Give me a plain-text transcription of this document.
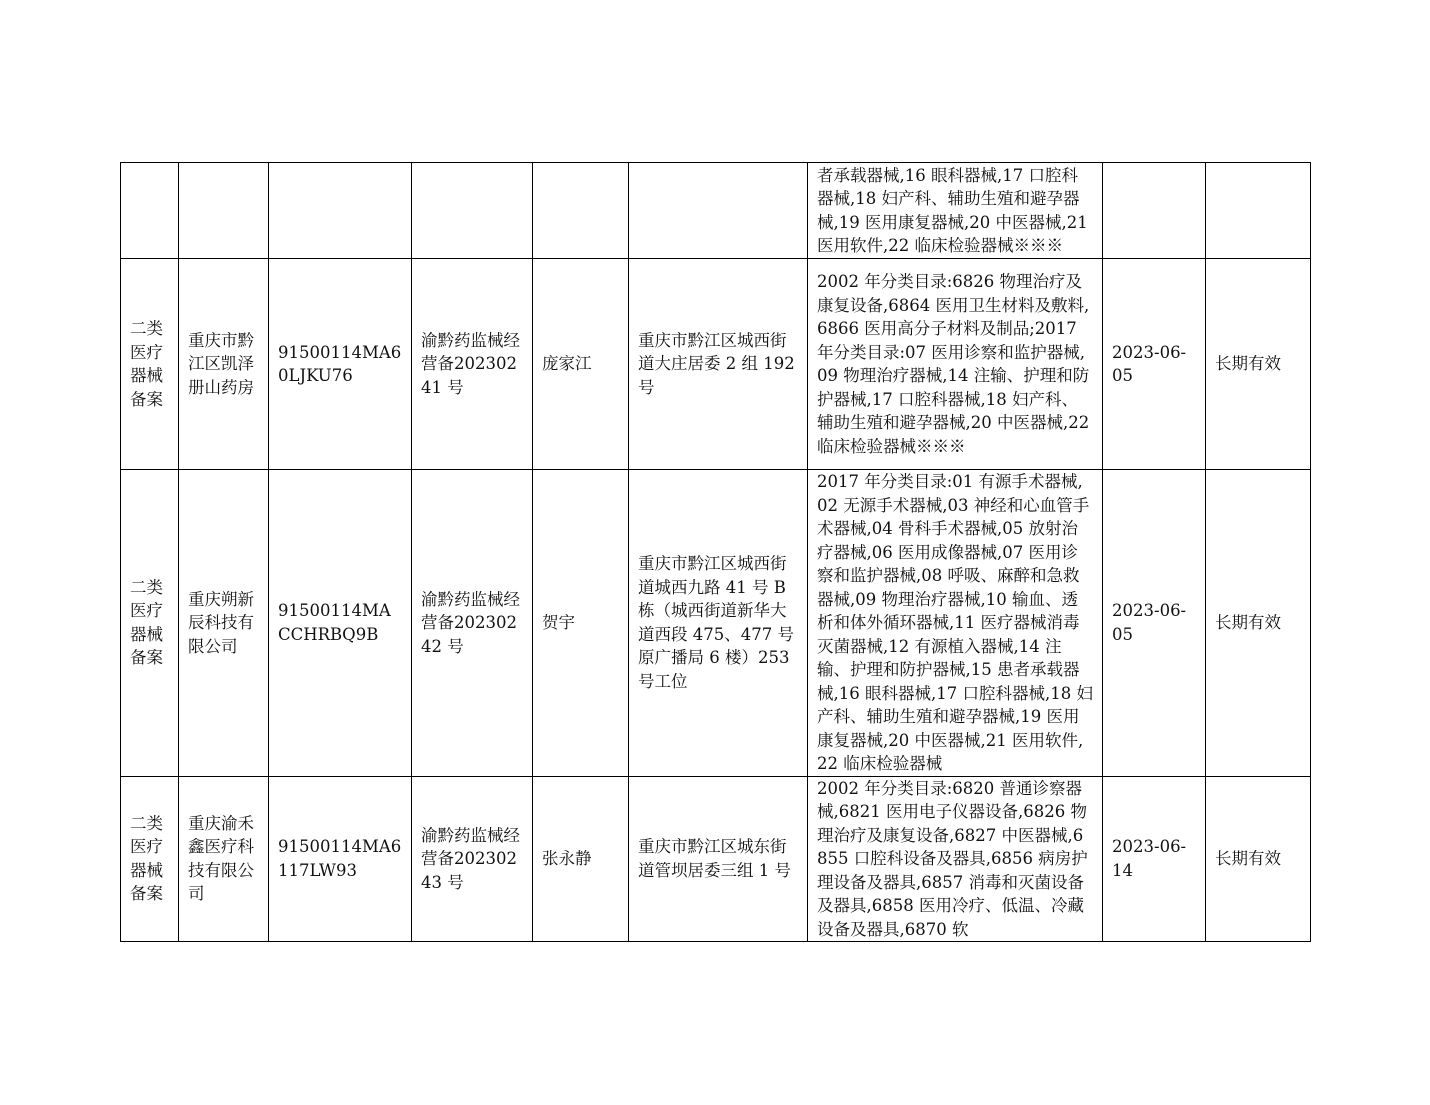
						者承载器械,16 眼科器械,17 口腔科器械,18 妇产科、辅助生殖和避孕器械,19 医用康复器械,20 中医器械,21 医用软件,22 临床检验器械※※※		
二类医疗器械备案	重庆市黔江区凯泽册山药房	91500114MA60LJKU76	渝黔药监械经营备20230241 号	庞家江	重庆市黔江区城西街道大庄居委 2 组 192 号	2002 年分类目录:6826 物理治疗及康复设备,6864 医用卫生材料及敷料,6866 医用高分子材料及制品;2017 年分类目录:07 医用诊察和监护器械,09 物理治疗器械,14 注输、护理和防护器械,17 口腔科器械,18 妇产科、辅助生殖和避孕器械,20 中医器械,22 临床检验器械※※※	2023-06-05	长期有效
二类医疗器械备案	重庆朔新辰科技有限公司	91500114MACCHRBQ9B	渝黔药监械经营备20230242 号	贺宇	重庆市黔江区城西街道城西九路 41 号 B 栋（城西街道新华大道西段 475、477 号原广播局 6 楼）253 号工位	2017 年分类目录:01 有源手术器械,02 无源手术器械,03 神经和心血管手术器械,04 骨科手术器械,05 放射治疗器械,06 医用成像器械,07 医用诊察和监护器械,08 呼吸、麻醉和急救器械,09 物理治疗器械,10 输血、透析和体外循环器械,11 医疗器械消毒灭菌器械,12 有源植入器械,14 注输、护理和防护器械,15 患者承载器械,16 眼科器械,17 口腔科器械,18 妇产科、辅助生殖和避孕器械,19 医用康复器械,20 中医器械,21 医用软件,22 临床检验器械	2023-06-05	长期有效
二类医疗器械备案	重庆渝禾鑫医疗科技有限公司	91500114MA6117LW93	渝黔药监械经营备20230243 号	张永静	重庆市黔江区城东街道管坝居委三组 1 号	2002 年分类目录:6820 普通诊察器械,6821 医用电子仪器设备,6826 物理治疗及康复设备,6827 中医器械,6855 口腔科设备及器具,6856 病房护理设备及器具,6857 消毒和灭菌设备及器具,6858 医用冷疗、低温、冷藏设备及器具,6870 软	2023-06-14	长期有效
